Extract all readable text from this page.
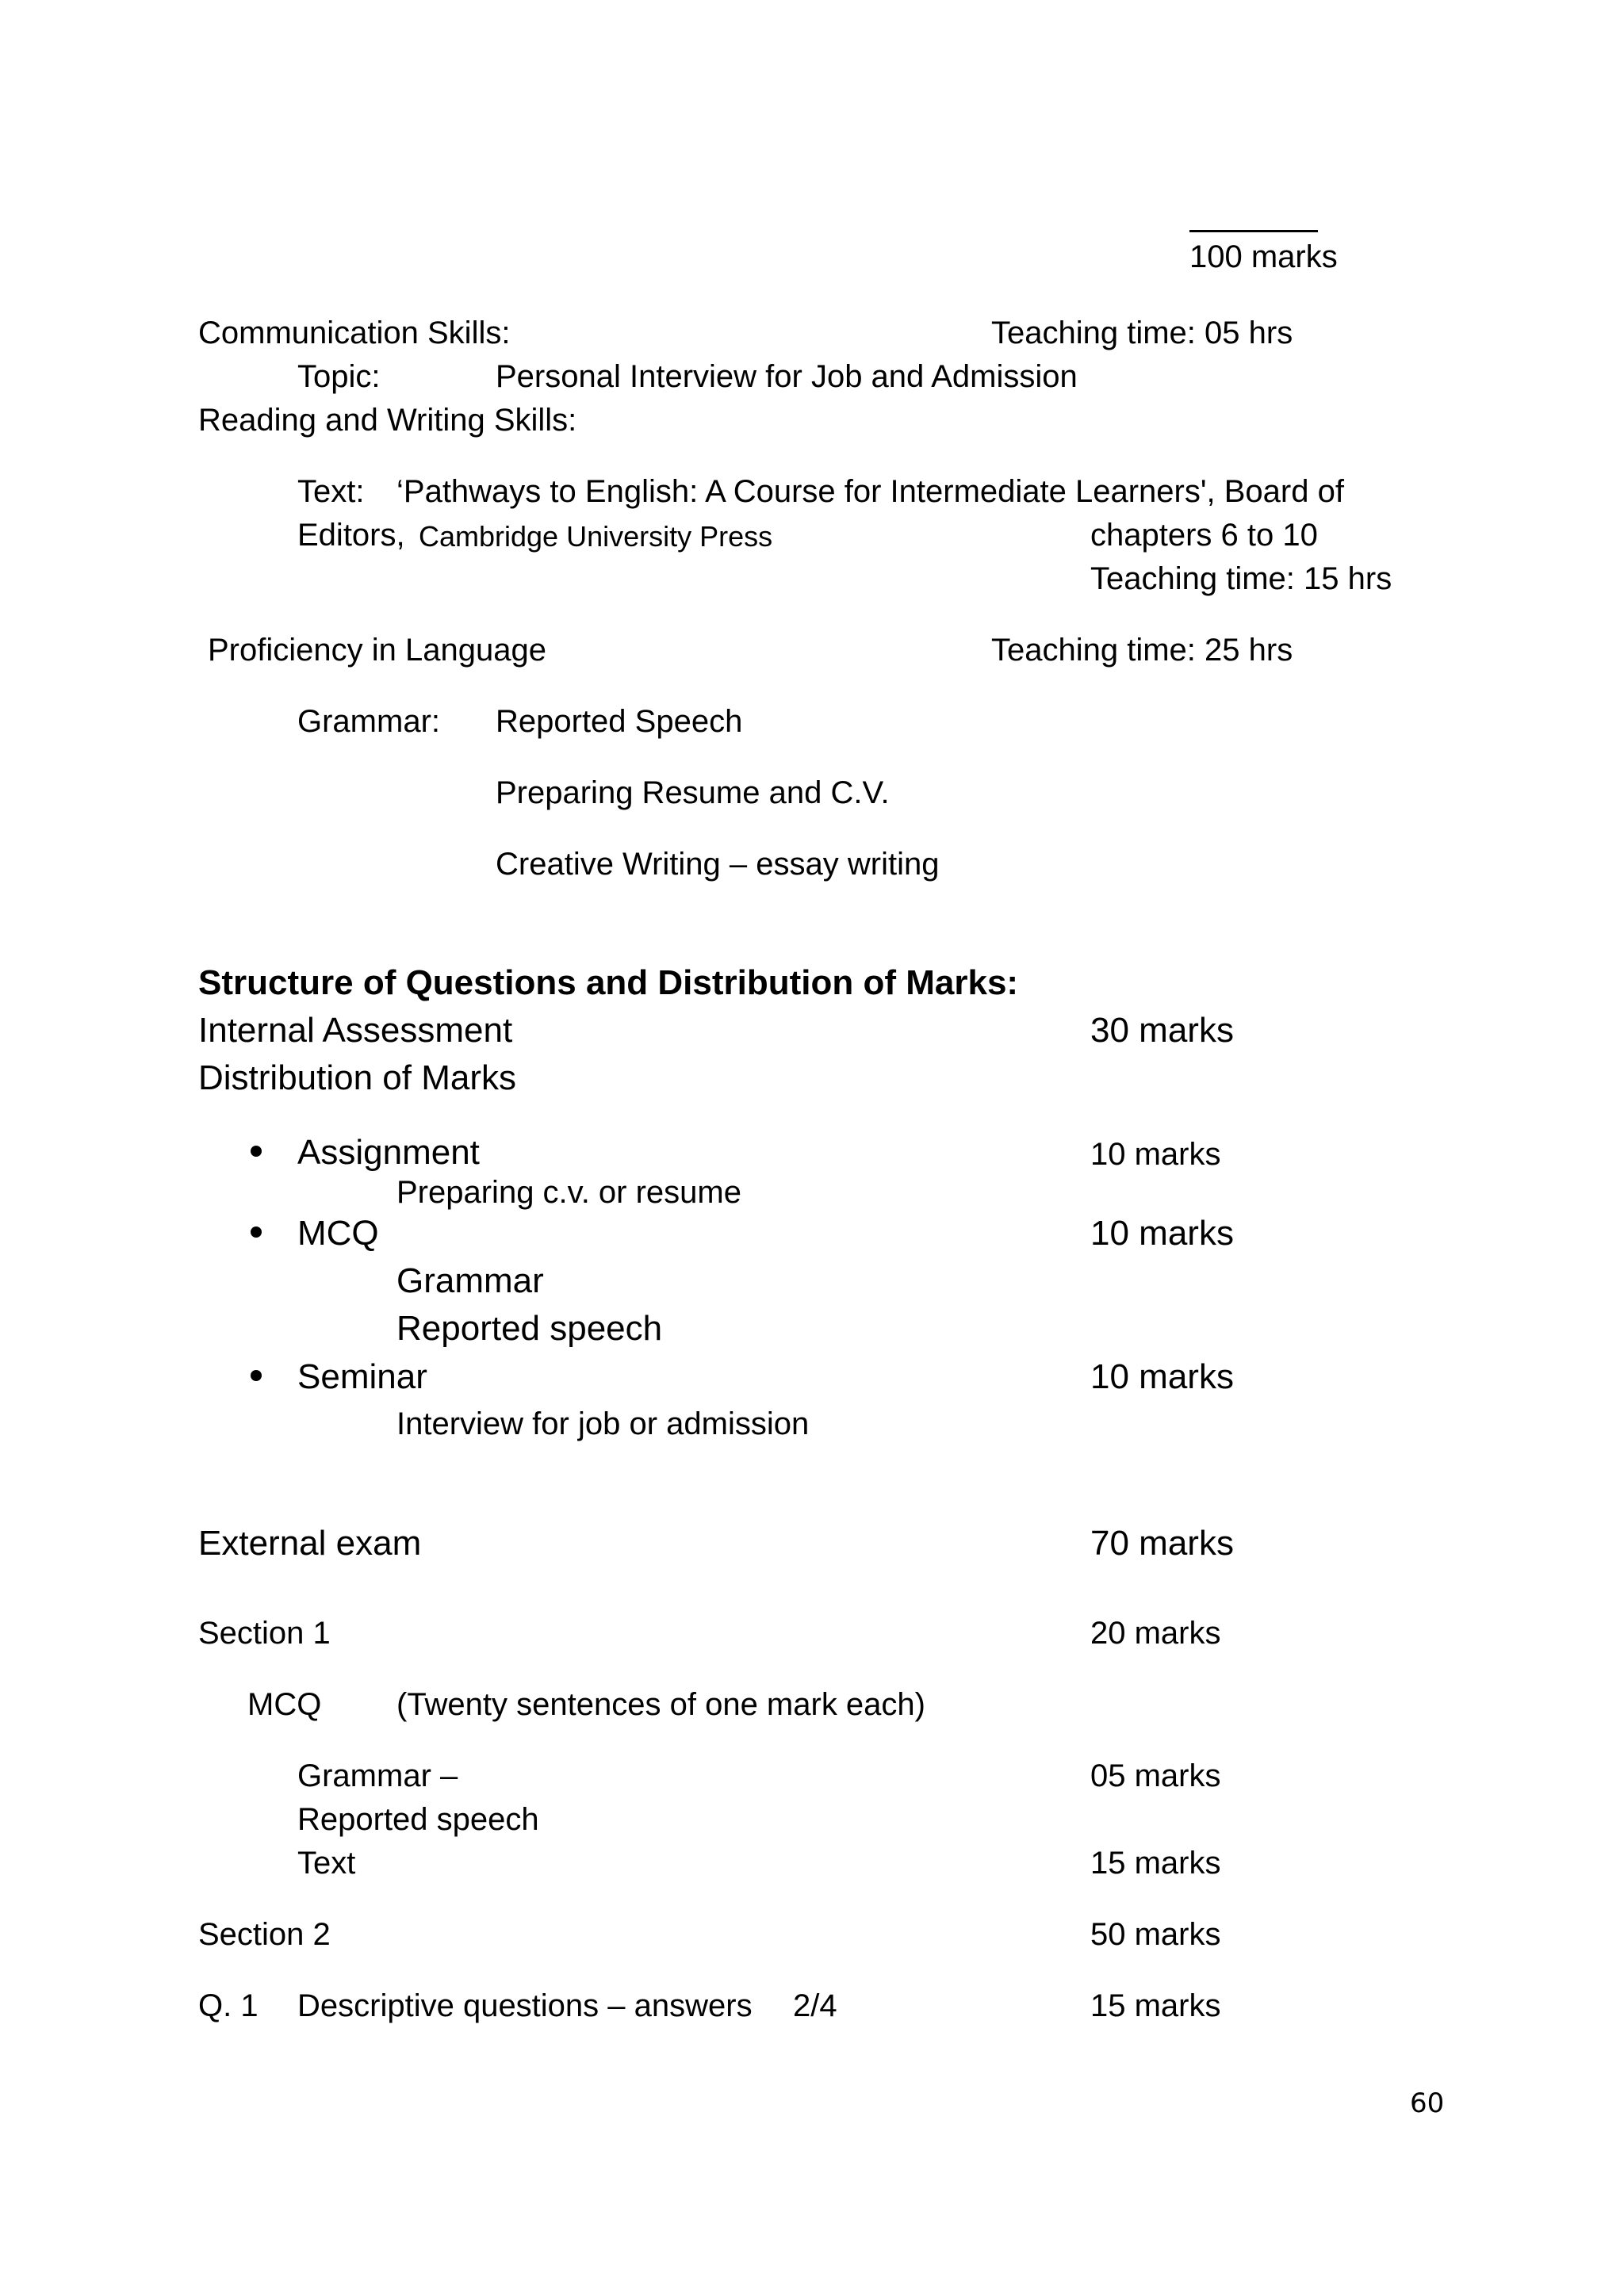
100 marks
Communication Skills:	Teaching time: 05 hrs
Topic:	Personal Interview for Job and Admission
Reading and Writing Skills:
Text: ‘Pathways to English: A Course for Intermediate Learners', Board of
Editors, Cambridge University Press	chapters 6 to 10
Teaching time: 15 hrs
Proficiency in Language	Teaching time: 25 hrs
Grammar: Reported Speech
Preparing Resume and C.V.
Creative Writing – essay writing
Structure of Questions and Distribution of Marks:
Internal Assessment	30 marks
Distribution of Marks
Assignment	10 marks
Preparing c.v. or resume
MCQ	10 marks
Grammar
Reported speech
Seminar	10 marks
Interview for job or admission
External exam	70 marks
Section 1	20 marks
MCQ (Twenty sentences of one mark each)
Grammar –	05 marks
Reported speech
Text	15 marks
Section 2	50 marks
Q. 1 Descriptive questions – answers 2/4	15 marks
60
